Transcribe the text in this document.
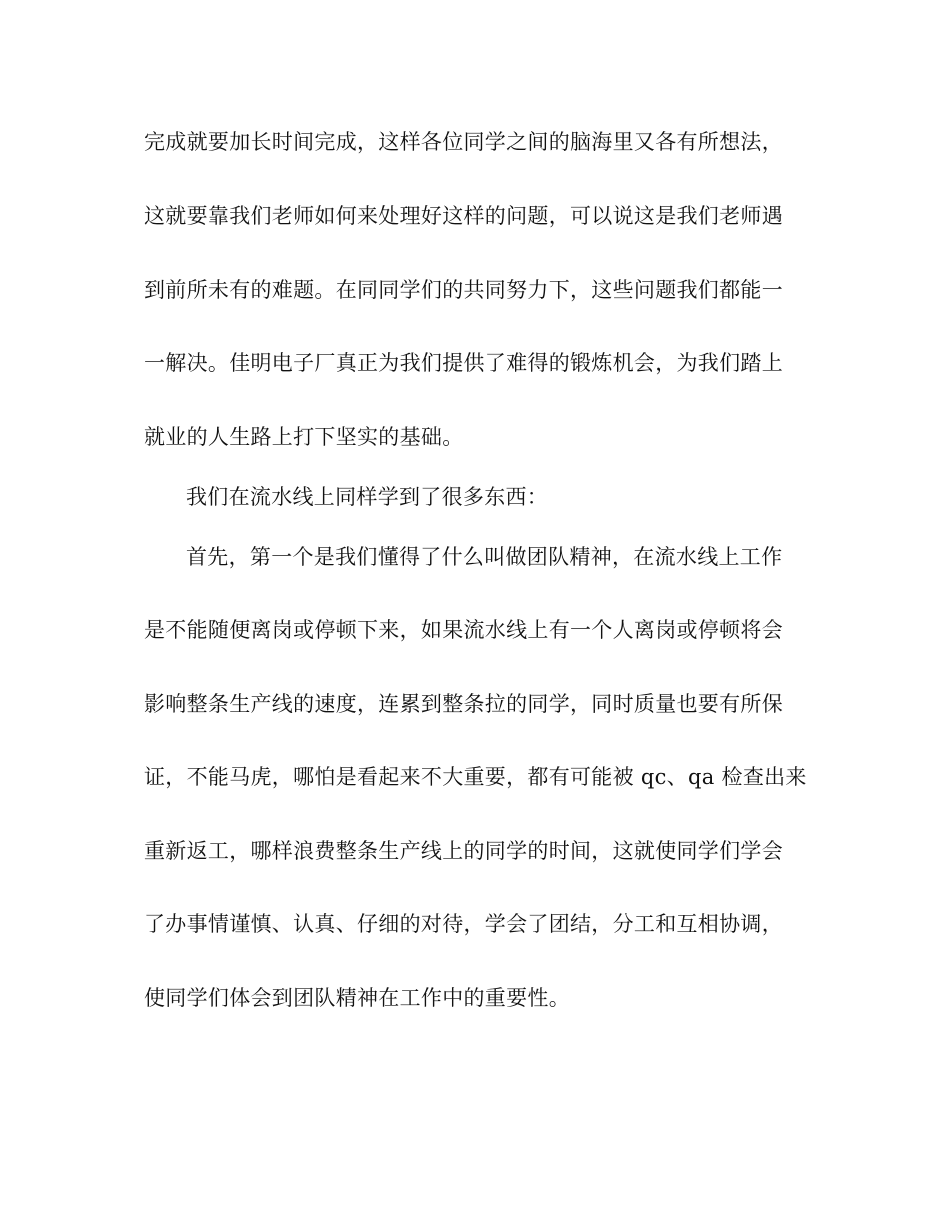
完成就要加长时间完成，这样各位同学之间的脑海里又各有所想法，
这就要靠我们老师如何来处理好这样的问题，可以说这是我们老师遇
到前所未有的难题。在同同学们的共同努力下，这些问题我们都能一
一解决。佳明电子厂真正为我们提供了难得的锻炼机会，为我们踏上
就业的人生路上打下坚实的基础。
我们在流水线上同样学到了很多东西：
首先，第一个是我们懂得了什么叫做团队精神，在流水线上工作
是不能随便离岗或停顿下来，如果流水线上有一个人离岗或停顿将会
影响整条生产线的速度，连累到整条拉的同学，同时质量也要有所保
证，不能马虎，哪怕是看起来不大重要，都有可能被 qc、qa 检查出来
重新返工，哪样浪费整条生产线上的同学的时间，这就使同学们学会
了办事情谨慎、认真、仔细的对待，学会了团结，分工和互相协调，
使同学们体会到团队精神在工作中的重要性。
